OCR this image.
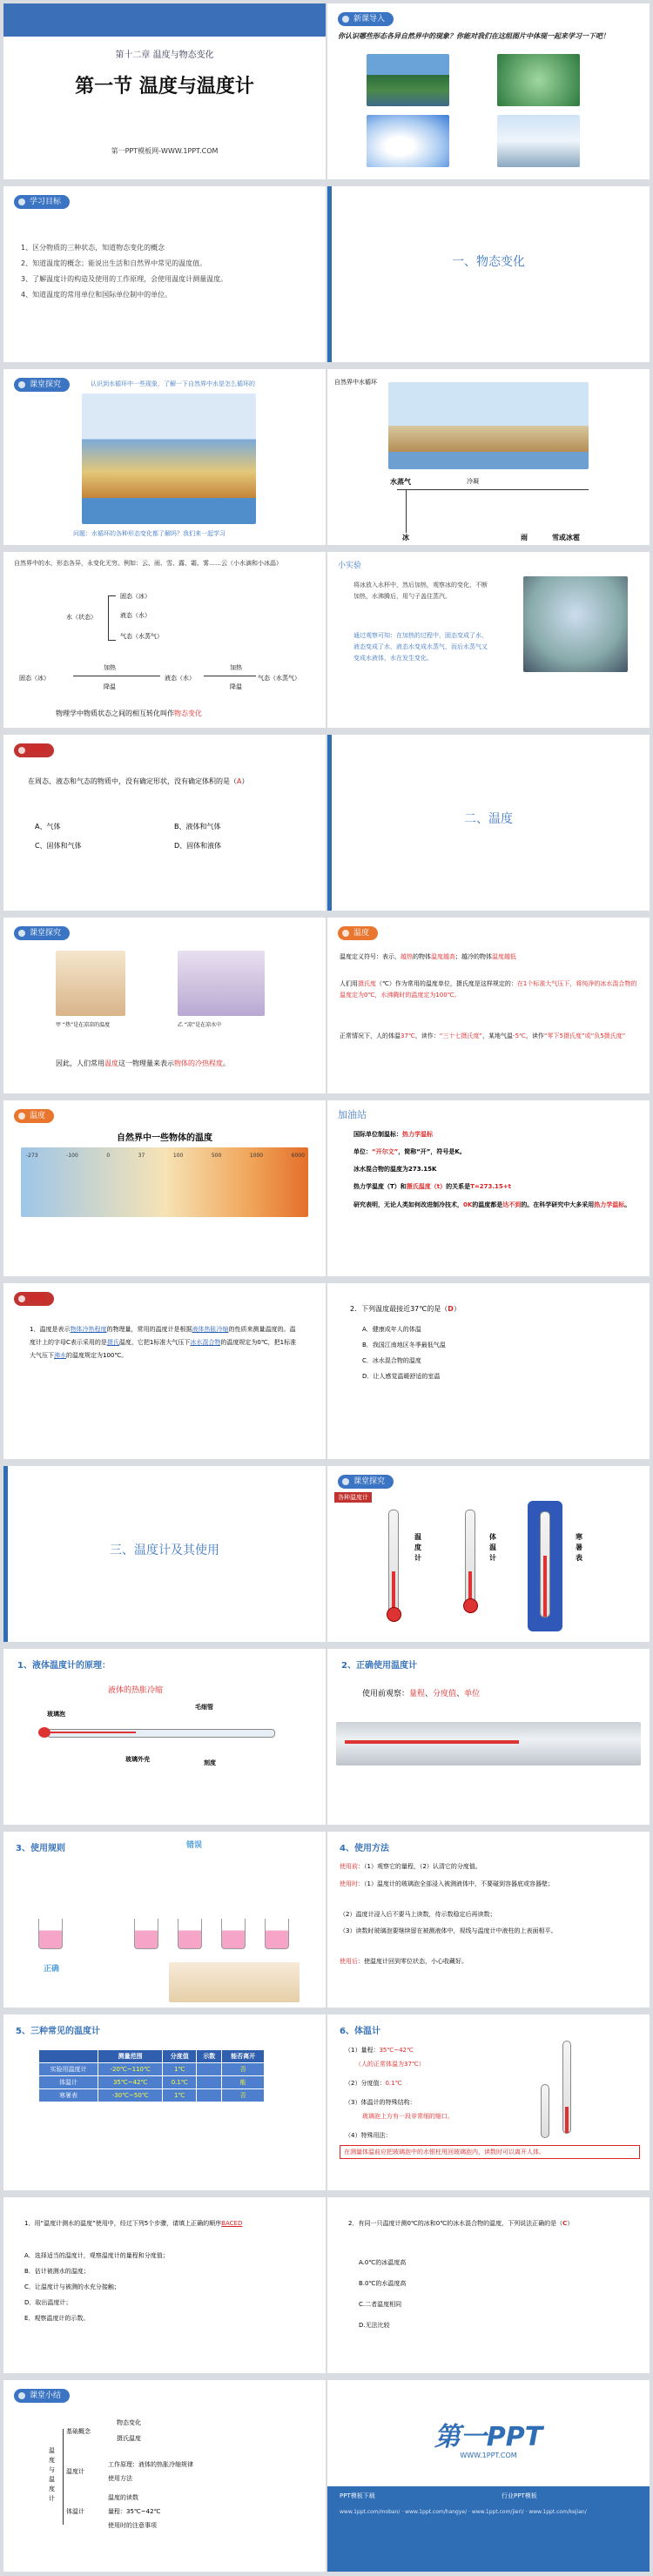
第十二章 温度与物态变化
第一节 温度与温度计
第一PPT模板网-WWW.1PPT.COM
新课导入
你认识哪些形态各异自然界中的现象？你能对我们在这组图片中体现一起来学习一下吧！
学习目标
1、区分物质的三种状态，知道物态变化的概念
2、知道温度的概念；能说出生活和自然界中常见的温度值。
3、了解温度计的构造及使用的工作原理，会使用温度计测量温度。
4、知道温度的常用单位和国际单位制中的单位。
一、物态变化
课堂探究	认识到水循环中一些现象，了解一下自然界中水是怎么循环的
问题：水循环的各种形态变化都了解吗？我们来一起学习
自然界中水循环
水蒸气	冷凝
冰	雨	雪或冰雹
自然界中的水，形态各异，永变化无穷。例如：云、雨、雪、露、霜、雾……云（小水滴和小冰晶）
水（状态）
固态（冰）
液态（水）
气态（水蒸气）
固态（冰）
加热
降温
液态（水）
加热
降温
气态（水蒸气）
物理学中物质状态之间的相互转化叫作物态变化
小实验
将冰放入水杯中，然后加热，观察冰的变化，不断加热，水沸腾后，用勺子盖住蒸汽。
通过观察可知：在加热的过程中，固态变成了水，液态变成了水，液态水变成水蒸气，而后水蒸气又变成水液体，水在发生变化。
例题
在周态、液态和气态的物质中，没有确定形状，没有确定体积的是（A）
A、气体	B、液体和气体
C、固体和气体	D、固体和液体
二、温度
课堂探究
甲 “热”是在凉凉的温度	乙 “凉”是在凉水中
因此，人们常用温度这一物理量来表示物体的冷热程度。
温度
温度定义符号：表示，越热的物体温度越高；越冷的物体温度越低
人们用摄氏度（℃）作为常用的温度单位，摄氏度是这样规定的：在1个标准大气压下，将纯净的冰水混合物的温度定为0℃，水沸腾时的温度定为100℃。
正常情况下，人的体温37℃，读作：“三十七摄氏度”，某地气温-5℃，读作“零下5摄氏度”或“负5摄氏度”
温度
自然界中一些物体的温度
-273	-100	0	37	100	500	1000	6000
加油站
国际单位制温标：热力学温标
单位：“开尔文”，简称“开”，符号是K。
冰水混合物的温度为273.15K
热力学温度（T）和摄氏温度（t）的关系是T=273.15+t
研究表明，无论人类如何改进制冷技术，0K的温度都是达不到的。在科学研究中大多采用热力学温标。
例题
1．温度是表示物体冷热程度的物理量，常用的温度计是根据液体热胀冷缩的性质来测量温度的。温度计上的字母C表示采用的是摄氏温度，它把1标准大气压下冰水混合物的温度规定为0℃，把1标准大气压下沸水的温度规定为100℃。
2．下列温度最接近37℃的是（D）
A．健康成年人的体温
B．我国江南地区冬季最低气温
C．冰水混合物的温度
D．让人感觉温暖舒适的室温
三、温度计及其使用
课堂探究
各种温度计
温度计
体温计
寒暑表
1、液体温度计的原理：
液体的热胀冷缩
玻璃泡
毛细管
玻璃外壳	刻度
2、正确使用温度计
使用前观察：量程、分度值、单位
3、使用规则	错误
正确
4、使用方法
使用前：（1）观察它的量程，（2）认清它的分度值。
使用时：（1）温度计的玻璃泡全部浸入被测液体中，不要碰到容器底或容器壁；
（2）温度计浸入后不要马上读数，待示数稳定后再读数；
（3）读数时玻璃泡要继续留在被测液体中，视线与温度计中液柱的上表面相平。
使用后：使温度计回到零位状态，小心收藏好。
5、三种常见的温度计
	测量范围	分度值	示数	能否离开
实验用温度计	-20℃~110℃	1℃		否
体温计	35℃~42℃	0.1℃		能
寒暑表	-30℃~50℃	1℃		否
6、体温计
（1）量程：35℃~42℃
（人的正常体温为37℃）
（2）分度值：0.1℃
（3）体温计的特殊结构：
玻璃泡上方有一段非常细的缩口。
（4）特殊用法：
在测量体温前应把玻璃泡中的水银柱甩回玻璃泡内，读数时可以离开人体。
1．用“温度计测水的温度”使用中，经过下列5个步骤，请填上正确的顺序BACED
A．选择适当的温度计，观察温度计的量程和分度值；
B．估计被测水的温度；
C．让温度计与被测的水充分接触；
D．取出温度计；
E．观察温度计的示数。
2．有同一只温度计测0℃的冰和0℃的冰水混合物的温度，下列说法正确的是（C）
A.0℃的冰温度高
B.0℃的水温度高
C.二者温度相同
D.无法比较
课堂小结
温度与温度计
基础概念
物态变化
摄氏温度
温度计
工作原理：液体的热胀冷缩规律
使用方法
体温计
温度的读数
量程：35℃~42℃
使用时的注意事项
第一PPT
WWW.1PPT.COM
PPT模板下载	行业PPT模板
www.1ppt.com/moban/ · www.1ppt.com/hangye/ · www.1ppt.com/jieri/ · www.1ppt.com/kejian/
